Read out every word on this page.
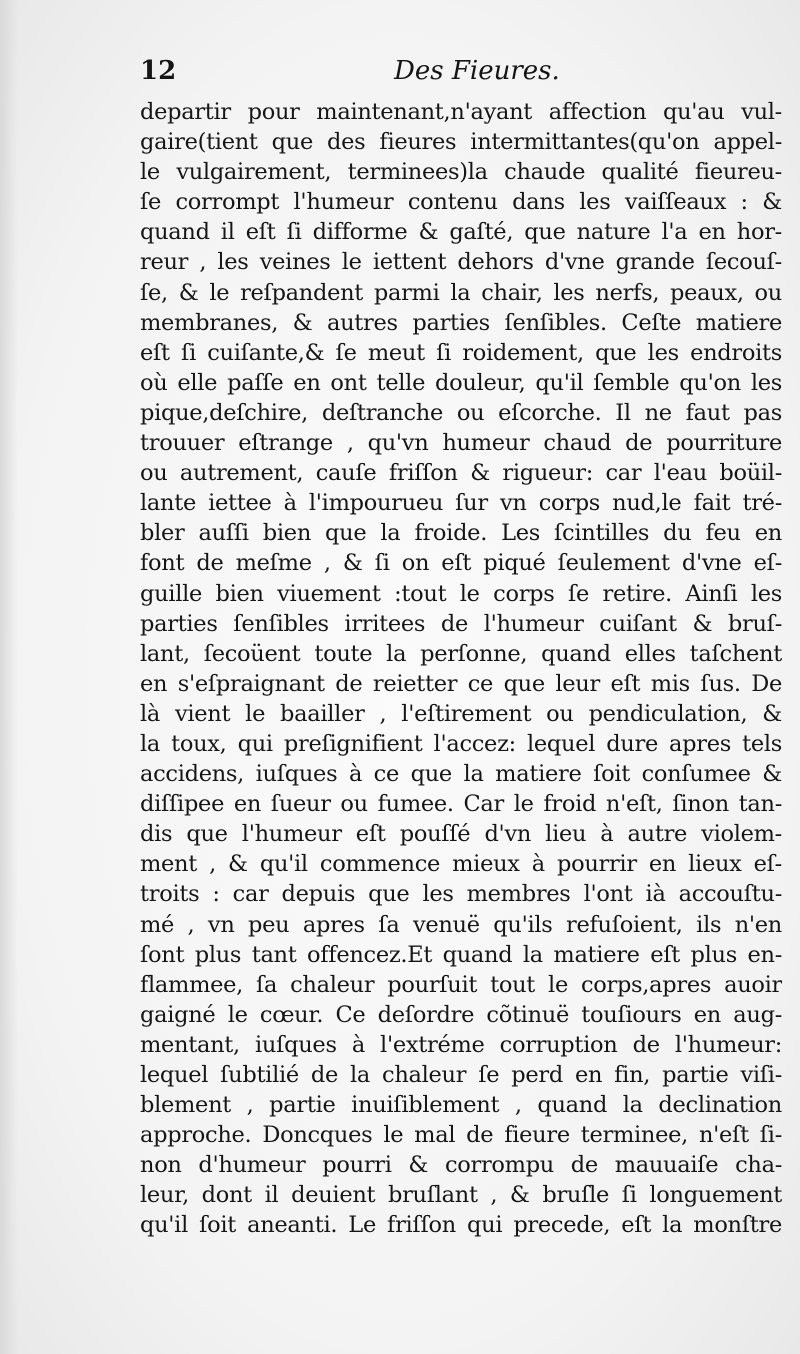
12	Des Fieures.
departir pour maintenant,n'ayant affection qu'au vul-
gaire(tient que des fieures intermittantes(qu'on appel-
le vulgairement, terminees)la chaude qualité fieureu-
ſe corrompt l'humeur contenu dans les vaiſſeaux : &
quand il eſt ſi difforme & gaſté, que nature l'a en hor-
reur , les veines le iettent dehors d'vne grande ſecouſ-
ſe, & le reſpandent parmi la chair, les nerfs, peaux, ou
membranes, & autres parties ſenſibles. Ceſte matiere
eſt ſi cuiſante,& ſe meut ſi roidement, que les endroits
où elle paſſe en ont telle douleur, qu'il ſemble qu'on les
pique,deſchire, deſtranche ou eſcorche. Il ne faut pas
trouuer eſtrange , qu'vn humeur chaud de pourriture
ou autrement, cauſe friſſon & rigueur: car l'eau boüil-
lante iettee à l'impourueu ſur vn corps nud,le fait tré-
bler auſſi bien que la froide. Les ſcintilles du feu en
font de meſme , & ſi on eſt piqué ſeulement d'vne eſ-
guille bien viuement :tout le corps ſe retire. Ainſi les
parties ſenſibles irritees de l'humeur cuiſant & bruſ-
lant, ſecoüent toute la perſonne, quand elles taſchent
en s'eſpraignant de reietter ce que leur eſt mis ſus. De
là vient le baailler , l'eſtirement ou pendiculation, &
la toux, qui preſignifient l'accez: lequel dure apres tels
accidens, iuſques à ce que la matiere ſoit conſumee &
diſſipee en ſueur ou fumee. Car le froid n'eſt, ſinon tan-
dis que l'humeur eſt pouſſé d'vn lieu à autre violem-
ment , & qu'il commence mieux à pourrir en lieux eſ-
troits : car depuis que les membres l'ont ià accouſtu-
mé , vn peu apres ſa venuë qu'ils refuſoient, ils n'en
ſont plus tant offencez.Et quand la matiere eſt plus en-
flammee, ſa chaleur pourſuit tout le corps,apres auoir
gaigné le cœur. Ce deſordre cõtinuë touſiours en aug-
mentant, iuſques à l'extréme corruption de l'humeur:
lequel ſubtilié de la chaleur ſe perd en fin, partie viſi-
blement , partie inuiſiblement , quand la declination
approche. Doncques le mal de fieure terminee, n'eſt ſi-
non d'humeur pourri & corrompu de mauuaiſe cha-
leur, dont il deuient bruſlant , & bruſle ſi longuement
qu'il ſoit aneanti. Le friſſon qui precede, eſt la monſtre
